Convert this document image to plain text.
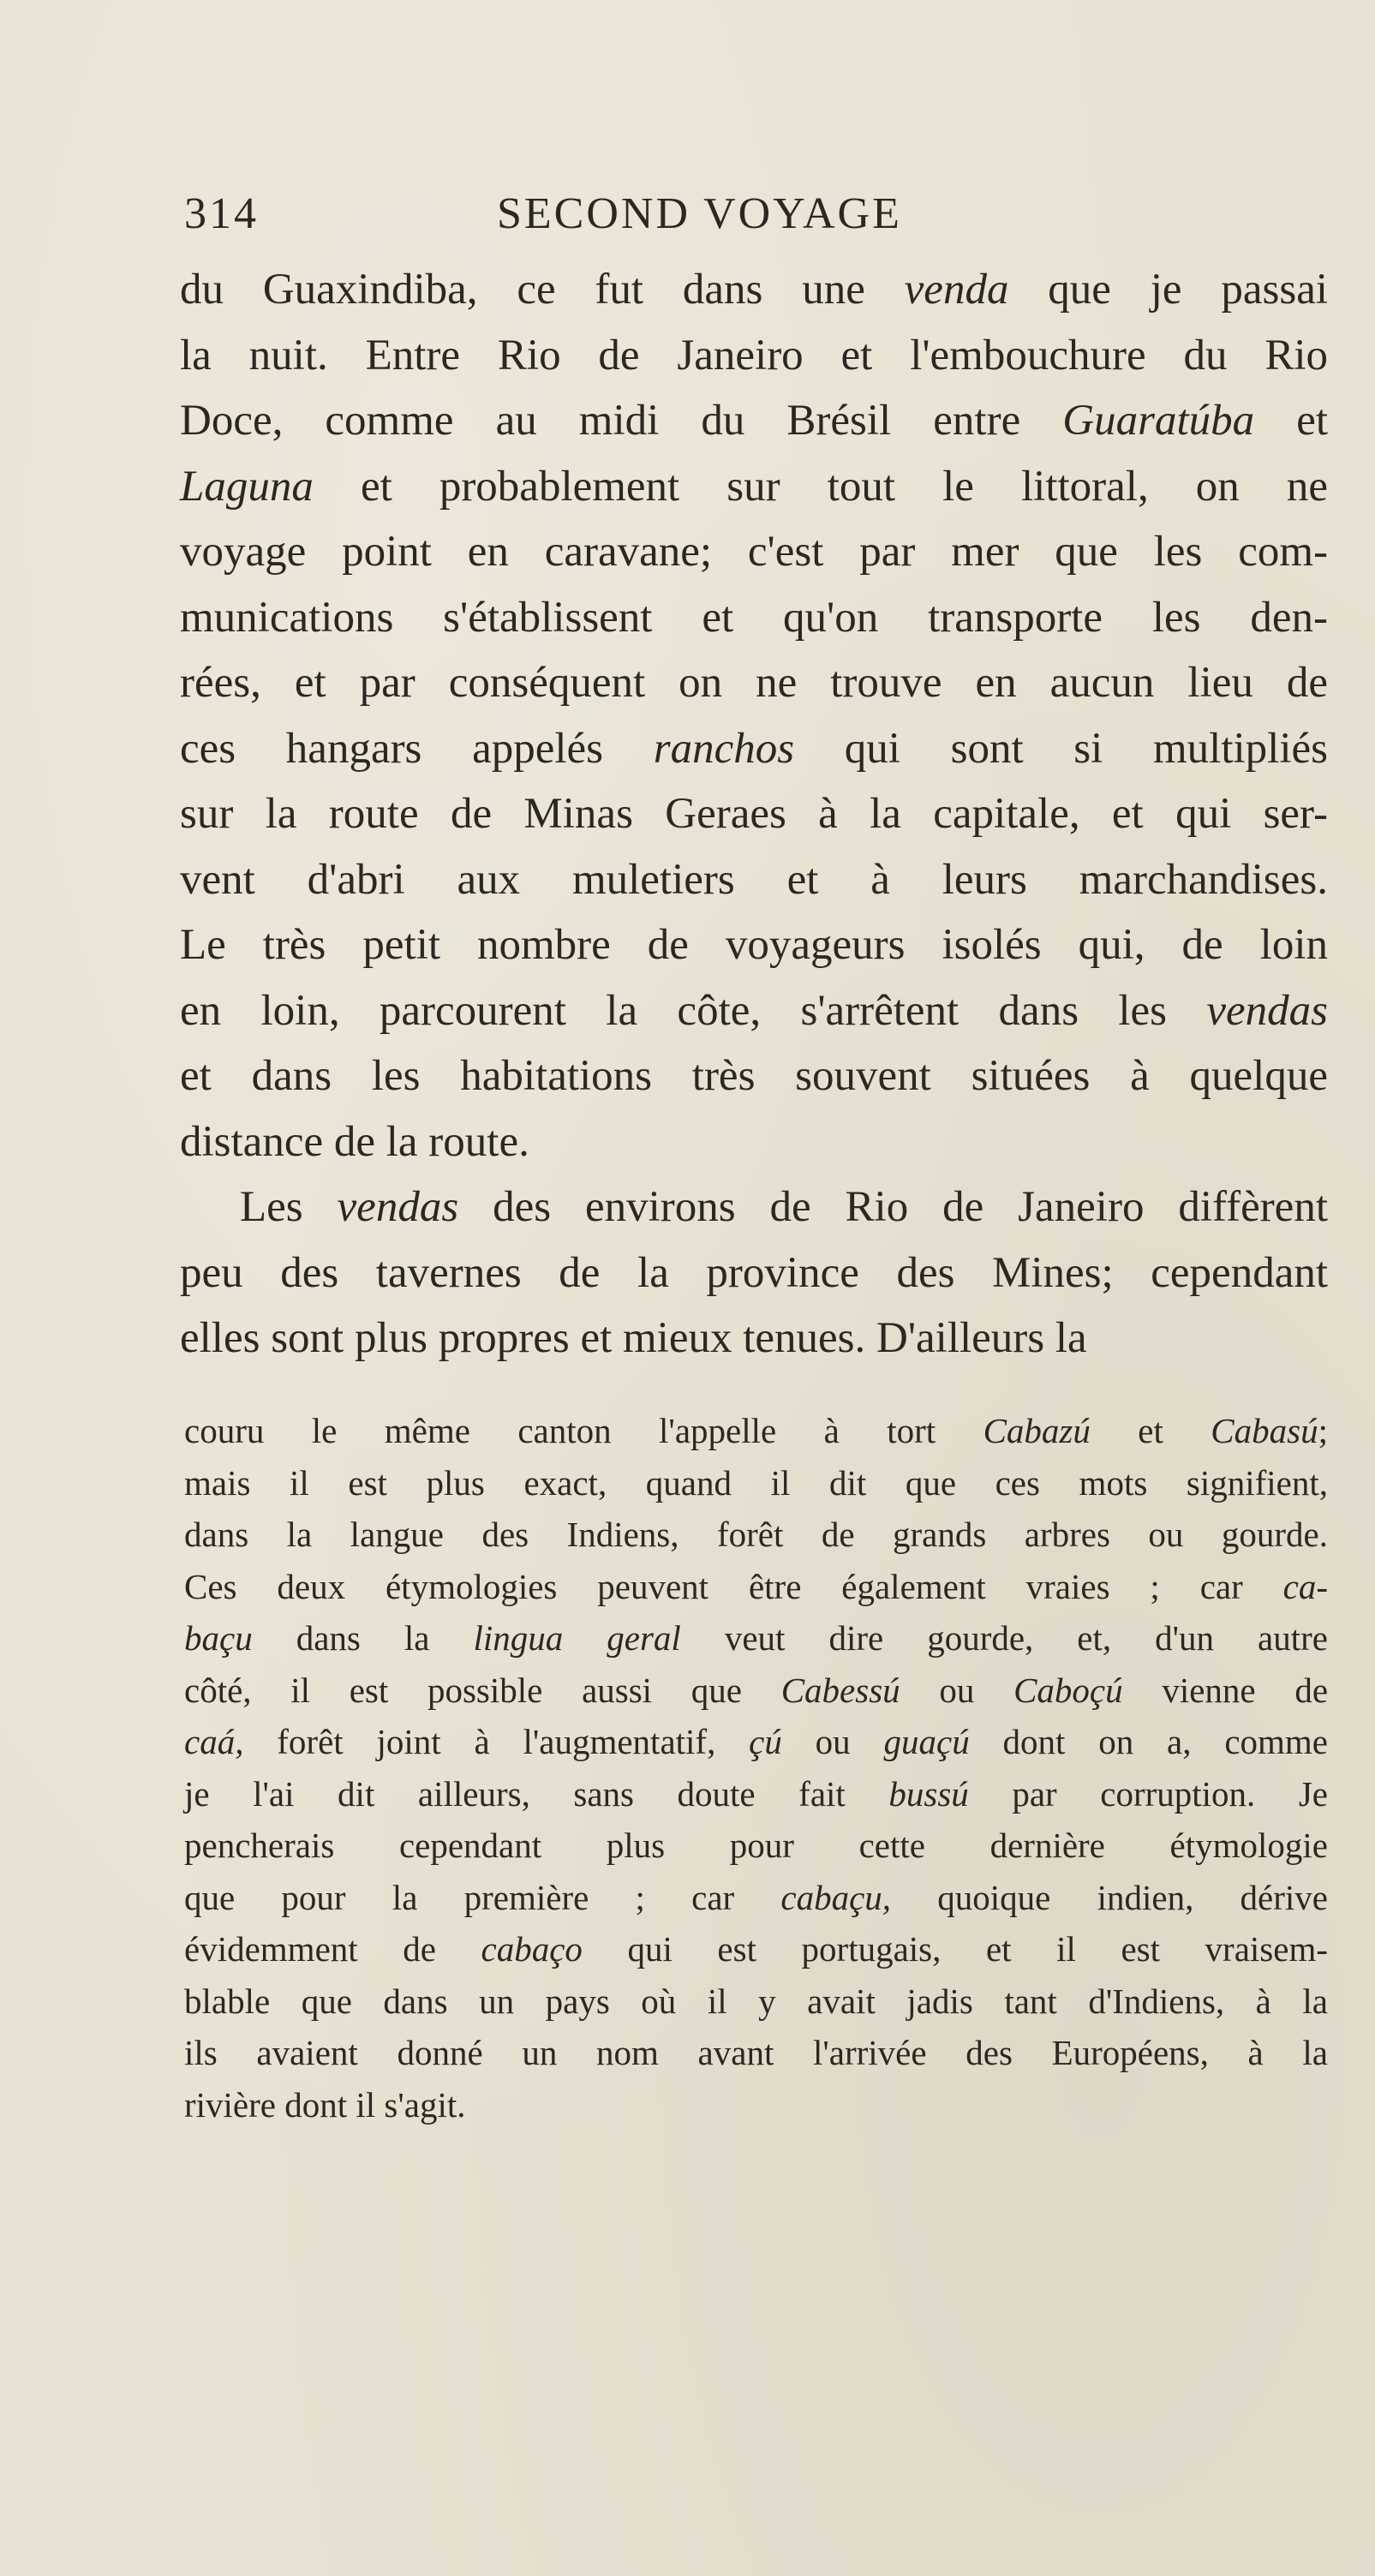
314	SECOND VOYAGE
du Guaxindiba, ce fut dans une venda que je passai
la nuit. Entre Rio de Janeiro et l'embouchure du Rio
Doce, comme au midi du Brésil entre Guaratúba et
Laguna et probablement sur tout le littoral, on ne
voyage point en caravane; c'est par mer que les com-
munications s'établissent et qu'on transporte les den-
rées, et par conséquent on ne trouve en aucun lieu de
ces hangars appelés ranchos qui sont si multipliés
sur la route de Minas Geraes à la capitale, et qui ser-
vent d'abri aux muletiers et à leurs marchandises.
Le très petit nombre de voyageurs isolés qui, de loin
en loin, parcourent la côte, s'arrêtent dans les vendas
et dans les habitations très souvent situées à quelque
distance de la route.
Les vendas des environs de Rio de Janeiro diffèrent
peu des tavernes de la province des Mines; cependant
elles sont plus propres et mieux tenues. D'ailleurs la
couru le même canton l'appelle à tort Cabazú et Cabasú;
mais il est plus exact, quand il dit que ces mots signifient,
dans la langue des Indiens, forêt de grands arbres ou gourde.
Ces deux étymologies peuvent être également vraies ; car ca-
baçu dans la lingua geral veut dire gourde, et, d'un autre
côté, il est possible aussi que Cabessú ou Caboçú vienne de
caá, forêt joint à l'augmentatif, çú ou guaçú dont on a, comme
je l'ai dit ailleurs, sans doute fait bussú par corruption. Je
pencherais cependant plus pour cette dernière étymologie
que pour la première ; car cabaçu, quoique indien, dérive
évidemment de cabaço qui est portugais, et il est vraisem-
blable que dans un pays où il y avait jadis tant d'Indiens, à la
ils avaient donné un nom avant l'arrivée des Européens, à la
rivière dont il s'agit.
